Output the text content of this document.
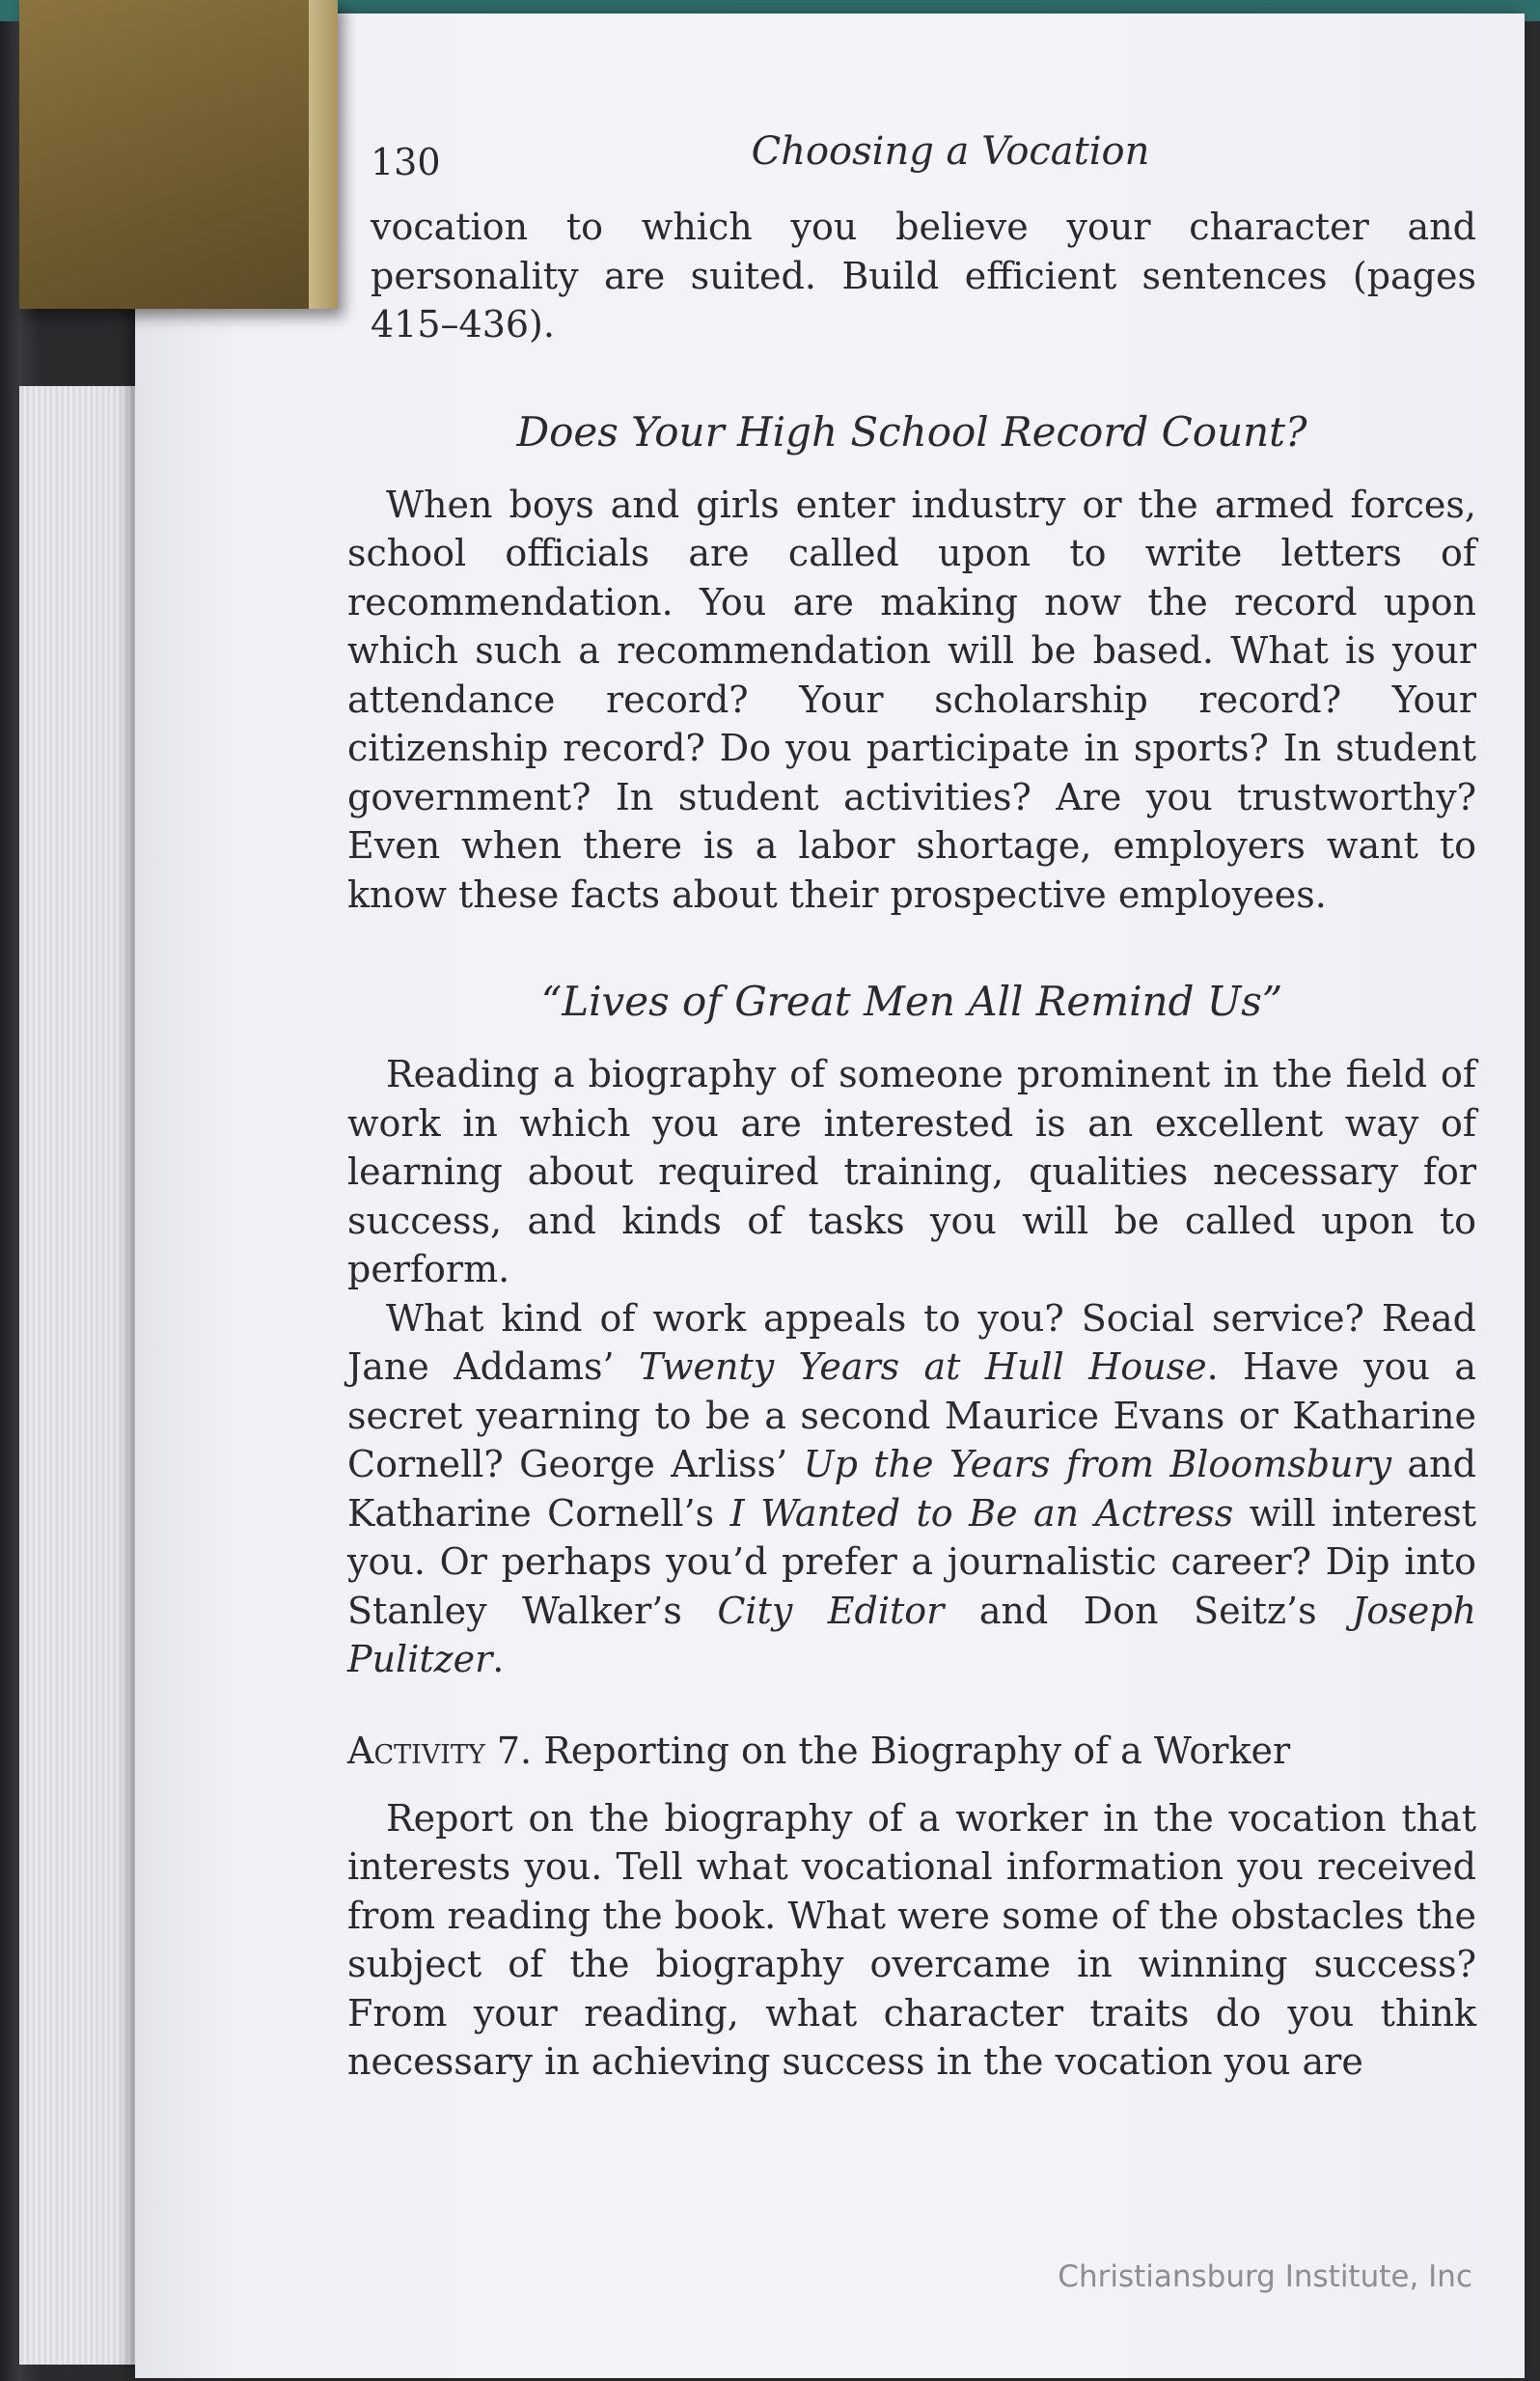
130	Choosing a Vocation

vocation to which you believe your character and personality are suited. Build efficient sentences (pages 415–436).

Does Your High School Record Count?

When boys and girls enter industry or the armed forces, school officials are called upon to write letters of recommendation. You are making now the record upon which such a recommendation will be based. What is your attendance record? Your scholarship record? Your citizenship record? Do you participate in sports? In student government? In student activities? Are you trustworthy? Even when there is a labor shortage, employers want to know these facts about their prospective employees.

“Lives of Great Men All Remind Us”

Reading a biography of someone prominent in the field of work in which you are interested is an excellent way of learning about required training, qualities necessary for success, and kinds of tasks you will be called upon to perform.

What kind of work appeals to you? Social service? Read Jane Addams’ Twenty Years at Hull House. Have you a secret yearning to be a second Maurice Evans or Katharine Cornell? George Arliss’ Up the Years from Bloomsbury and Katharine Cornell’s I Wanted to Be an Actress will interest you. Or perhaps you’d prefer a journalistic career? Dip into Stanley Walker’s City Editor and Don Seitz’s Joseph Pulitzer.

Activity 7. Reporting on the Biography of a Worker

Report on the biography of a worker in the vocation that interests you. Tell what vocational information you received from reading the book. What were some of the obstacles the subject of the biography overcame in winning success? From your reading, what character traits do you think necessary in achieving success in the vocation you are

Christiansburg Institute, Inc
